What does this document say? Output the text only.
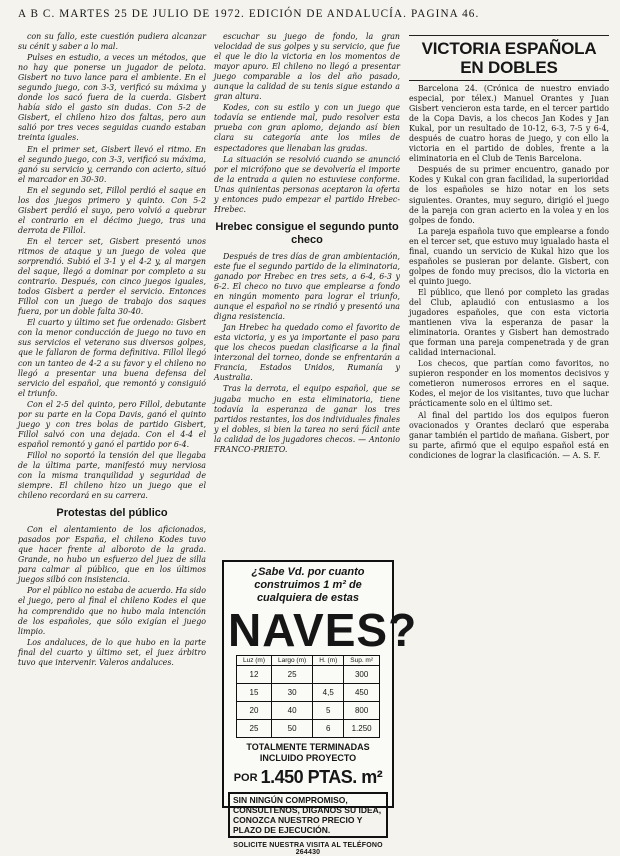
A B C. MARTES 25 DE JULIO DE 1972. EDICIÓN DE ANDALUCÍA. PAGINA 46.

con su fallo, este cuestión pudiera alcanzar su cénit y saber a lo mal.

Pulses en estudio, a veces un métodos, que no hay que ponerse un jugador de pelota. Gisbert no tuvo lance para el ambiente. En el segundo juego, con 3-3, verificó su máxima y donde los sacó fuera de la cuerda. Gisbert había sido el gasto sin dudas. Con 5-2 de Gisbert, el chileno hizo dos faltas, pero aun salió por tres veces seguidas cuando estaban treinta iguales.

En el primer set, Gisbert llevó el ritmo. En el segundo juego, con 3-3, verificó su máxima, ganó su servicio y, cerrando con acierto, situó el marcador en 30-30.

En el segundo set, Fillol perdió el saque en los dos juegos primero y quinto. Con 5-2 Gisbert perdió el suyo, pero volvió a quebrar el contrario en el décimo juego, tras una derrota de Fillol.

En el tercer set, Gisbert presentó unos ritmos de ataque y un juego de volea que sorprendió. Subió el 3-1 y el 4-2 y, al margen del saque, llegó a dominar por completo a su contrario. Después, con cinco juegos iguales, todos Gisbert a perder el servicio. Entonces Fillol con un juego de trabajo dos saques fuera, por un doble falta 30-40.

El cuarto y último set fue ordenado: Gisbert con la menor conducción de juego no tuvo en sus servicios el veterano sus diversos golpes, que le fallaron de forma definitiva. Fillol llegó con un tanteo de 4-2 a su favor y el chileno no llegó a presentar una buena defensa del servicio del español, que remontó y consiguió el triunfo.

Con el 2-5 del quinto, pero Fillol, debutante por su parte en la Copa Davis, ganó el quinto juego y con tres bolas de partido Gisbert, Fillol salvó con una dejada. Con el 4-4 el español remontó y ganó el partido por 6-4.

Fillol no soportó la tensión del que llegaba de la última parte, manifestó muy nerviosa con la misma tranquilidad y seguridad de siempre. El chileno hizo un juego que el chileno recordará en su carrera.

Protestas del público

Con el alentamiento de los aficionados, pasados por España, el chileno Kodes tuvo que hacer frente al alboroto de la grada. Grande, no hubo un esfuerzo del juez de silla para calmar al público, que en los últimos juegos silbó con insistencia.

Por el público no estaba de acuerdo. Ha sido el juego, pero al final el chileno Kodes el que ha comprendido que no hubo mala intención de los españoles, que sólo exigían el juego limpio.

Los andaluces, de lo que hubo en la parte final del cuarto y último set, el juez árbitro tuvo que intervenir. Valeros andaluces.

escuchar su juego de fondo, la gran velocidad de sus golpes y su servicio, que fue el que le dio la victoria en los momentos de mayor apuro. El chileno no llegó a presentar juego comparable a los del año pasado, aunque la calidad de su tenis sigue estando a gran altura.

Kodes, con su estilo y con un juego que todavía se entiende mal, pudo resolver esta prueba con gran aplomo, dejando así bien clara su categoría ante los miles de espectadores que llenaban las gradas.

La situación se resolvió cuando se anunció por el micrófono que se devolvería el importe de la entrada a quien no estuviese conforme. Unas quinientas personas aceptaron la oferta y entonces pudo empezar el partido Hrebec-Hrebec.

Hrebec consigue el segundo punto checo

Después de tres días de gran ambientación, este fue el segundo partido de la eliminatoria, ganado por Hrebec en tres sets, a 6-4, 6-3 y 6-2. El checo no tuvo que emplearse a fondo en ningún momento para lograr el triunfo, aunque el español no se rindió y presentó una digna resistencia.

Jan Hrebec ha quedado como el favorito de esta victoria, y es ya importante el paso para que los checos puedan clasificarse a la final interzonal del torneo, donde se enfrentarán a Francia, Estados Unidos, Rumanía y Australia.

Tras la derrota, el equipo español, que se jugaba mucho en esta eliminatoria, tiene todavía la esperanza de ganar los tres partidos restantes, los dos individuales finales y el dobles, si bien la tarea no será fácil ante la calidad de los jugadores checos. — Antonio FRANCO-PRIETO.

VICTORIA ESPAÑOLA EN DOBLES

Barcelona 24. (Crónica de nuestro enviado especial, por télex.) Manuel Orantes y Juan Gisbert vencieron esta tarde, en el tercer partido de la Copa Davis, a los checos Jan Kodes y Jan Kukal, por un resultado de 10-12, 6-3, 7-5 y 6-4, después de cuatro horas de juego, y con ello la victoria en el partido de dobles, frente a la eliminatoria en el Club de Tenis Barcelona.

Después de su primer encuentro, ganado por Kodes y Kukal con gran facilidad, la superioridad de los españoles se hizo notar en los sets siguientes. Orantes, muy seguro, dirigió el juego de la pareja con gran acierto en la volea y en los golpes de fondo.

La pareja española tuvo que emplearse a fondo en el tercer set, que estuvo muy igualado hasta el final, cuando un servicio de Kukal hizo que los españoles se pusieran por delante. Gisbert, con golpes de fondo muy precisos, dio la victoria en el quinto juego.

El público, que llenó por completo las gradas del Club, aplaudió con entusiasmo a los jugadores españoles, que con esta victoria mantienen viva la esperanza de pasar la eliminatoria. Orantes y Gisbert han demostrado que forman una pareja compenetrada y de gran calidad internacional.

Los checos, que partían como favoritos, no supieron responder en los momentos decisivos y cometieron numerosos errores en el saque. Kodes, el mejor de los visitantes, tuvo que luchar prácticamente solo en el último set.

Al final del partido los dos equipos fueron ovacionados y Orantes declaró que esperaba ganar también el partido de mañana. Gisbert, por su parte, afirmó que el equipo español está en condiciones de lograr la clasificación. — A. S. F.

¿Sabe Vd. por cuanto construimos 1 m² de cualquiera de estas
NAVES?
Luz (m)	Largo (m)	H. (m)	Sup. m²
12	25		300
15	30	4,5	450
20	40	5	800
25	50	6	1.250
TOTALMENTE TERMINADAS INCLUIDO PROYECTO
POR 1.450 PTAS. m²
SIN NINGÚN COMPROMISO, CONSULTENOS, DIGANOS SU IDEA, CONOZCA NUESTRO PRECIO Y PLAZO DE EJECUCIÓN.
SOLICITE NUESTRA VISITA AL TELÉFONO 264430
